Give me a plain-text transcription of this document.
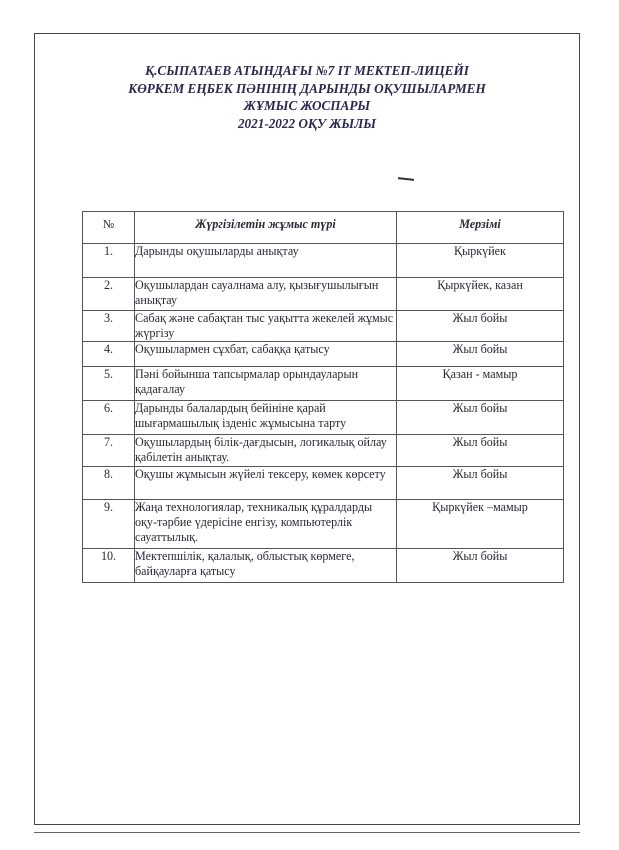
Қ.СЫПАТАЕВ АТЫНДАҒЫ №7 IT МЕКТЕП-ЛИЦЕЙІ
КӨРКЕМ ЕҢБЕК ПӘНІНІҢ ДАРЫНДЫ ОҚУШЫЛАРМЕН
ЖҰМЫС ЖОСПАРЫ
2021-2022 ОҚУ ЖЫЛЫ
№	Жүргізілетін жұмыс түрі	Мерзімі
1.	Дарынды оқушыларды анықтау	Қыркүйек
2.	Оқушылардан сауалнама алу, қызығушылығын анықтау	Қыркүйек, казан
3.	Сабақ және сабақтан тыс уақытта жекелей жұмыс жүргізу	Жыл бойы
4.	Оқушылармен сұхбат, сабаққа қатысу	Жыл бойы
5.	Пәні бойынша тапсырмалар орындауларын қадағалау	Қазан - мамыр
6.	Дарынды балалардың бейініне қарай шығармашылық ізденіс жұмысына тарту	Жыл бойы
7.	Оқушылардың білік-дағдысын, логикалық ойлау қабілетін анықтау.	Жыл бойы
8.	Оқушы жұмысын жүйелі тексеру, көмек көрсету	Жыл бойы
9.	Жаңа технологиялар, техникалық құралдарды оқу-тәрбие үдерісіне енгізу, компьютерлік сауаттылық.	Қыркүйек –мамыр
10.	Мектепшілік, қалалық, облыстық көрмеге, байқауларға қатысу	Жыл бойы
